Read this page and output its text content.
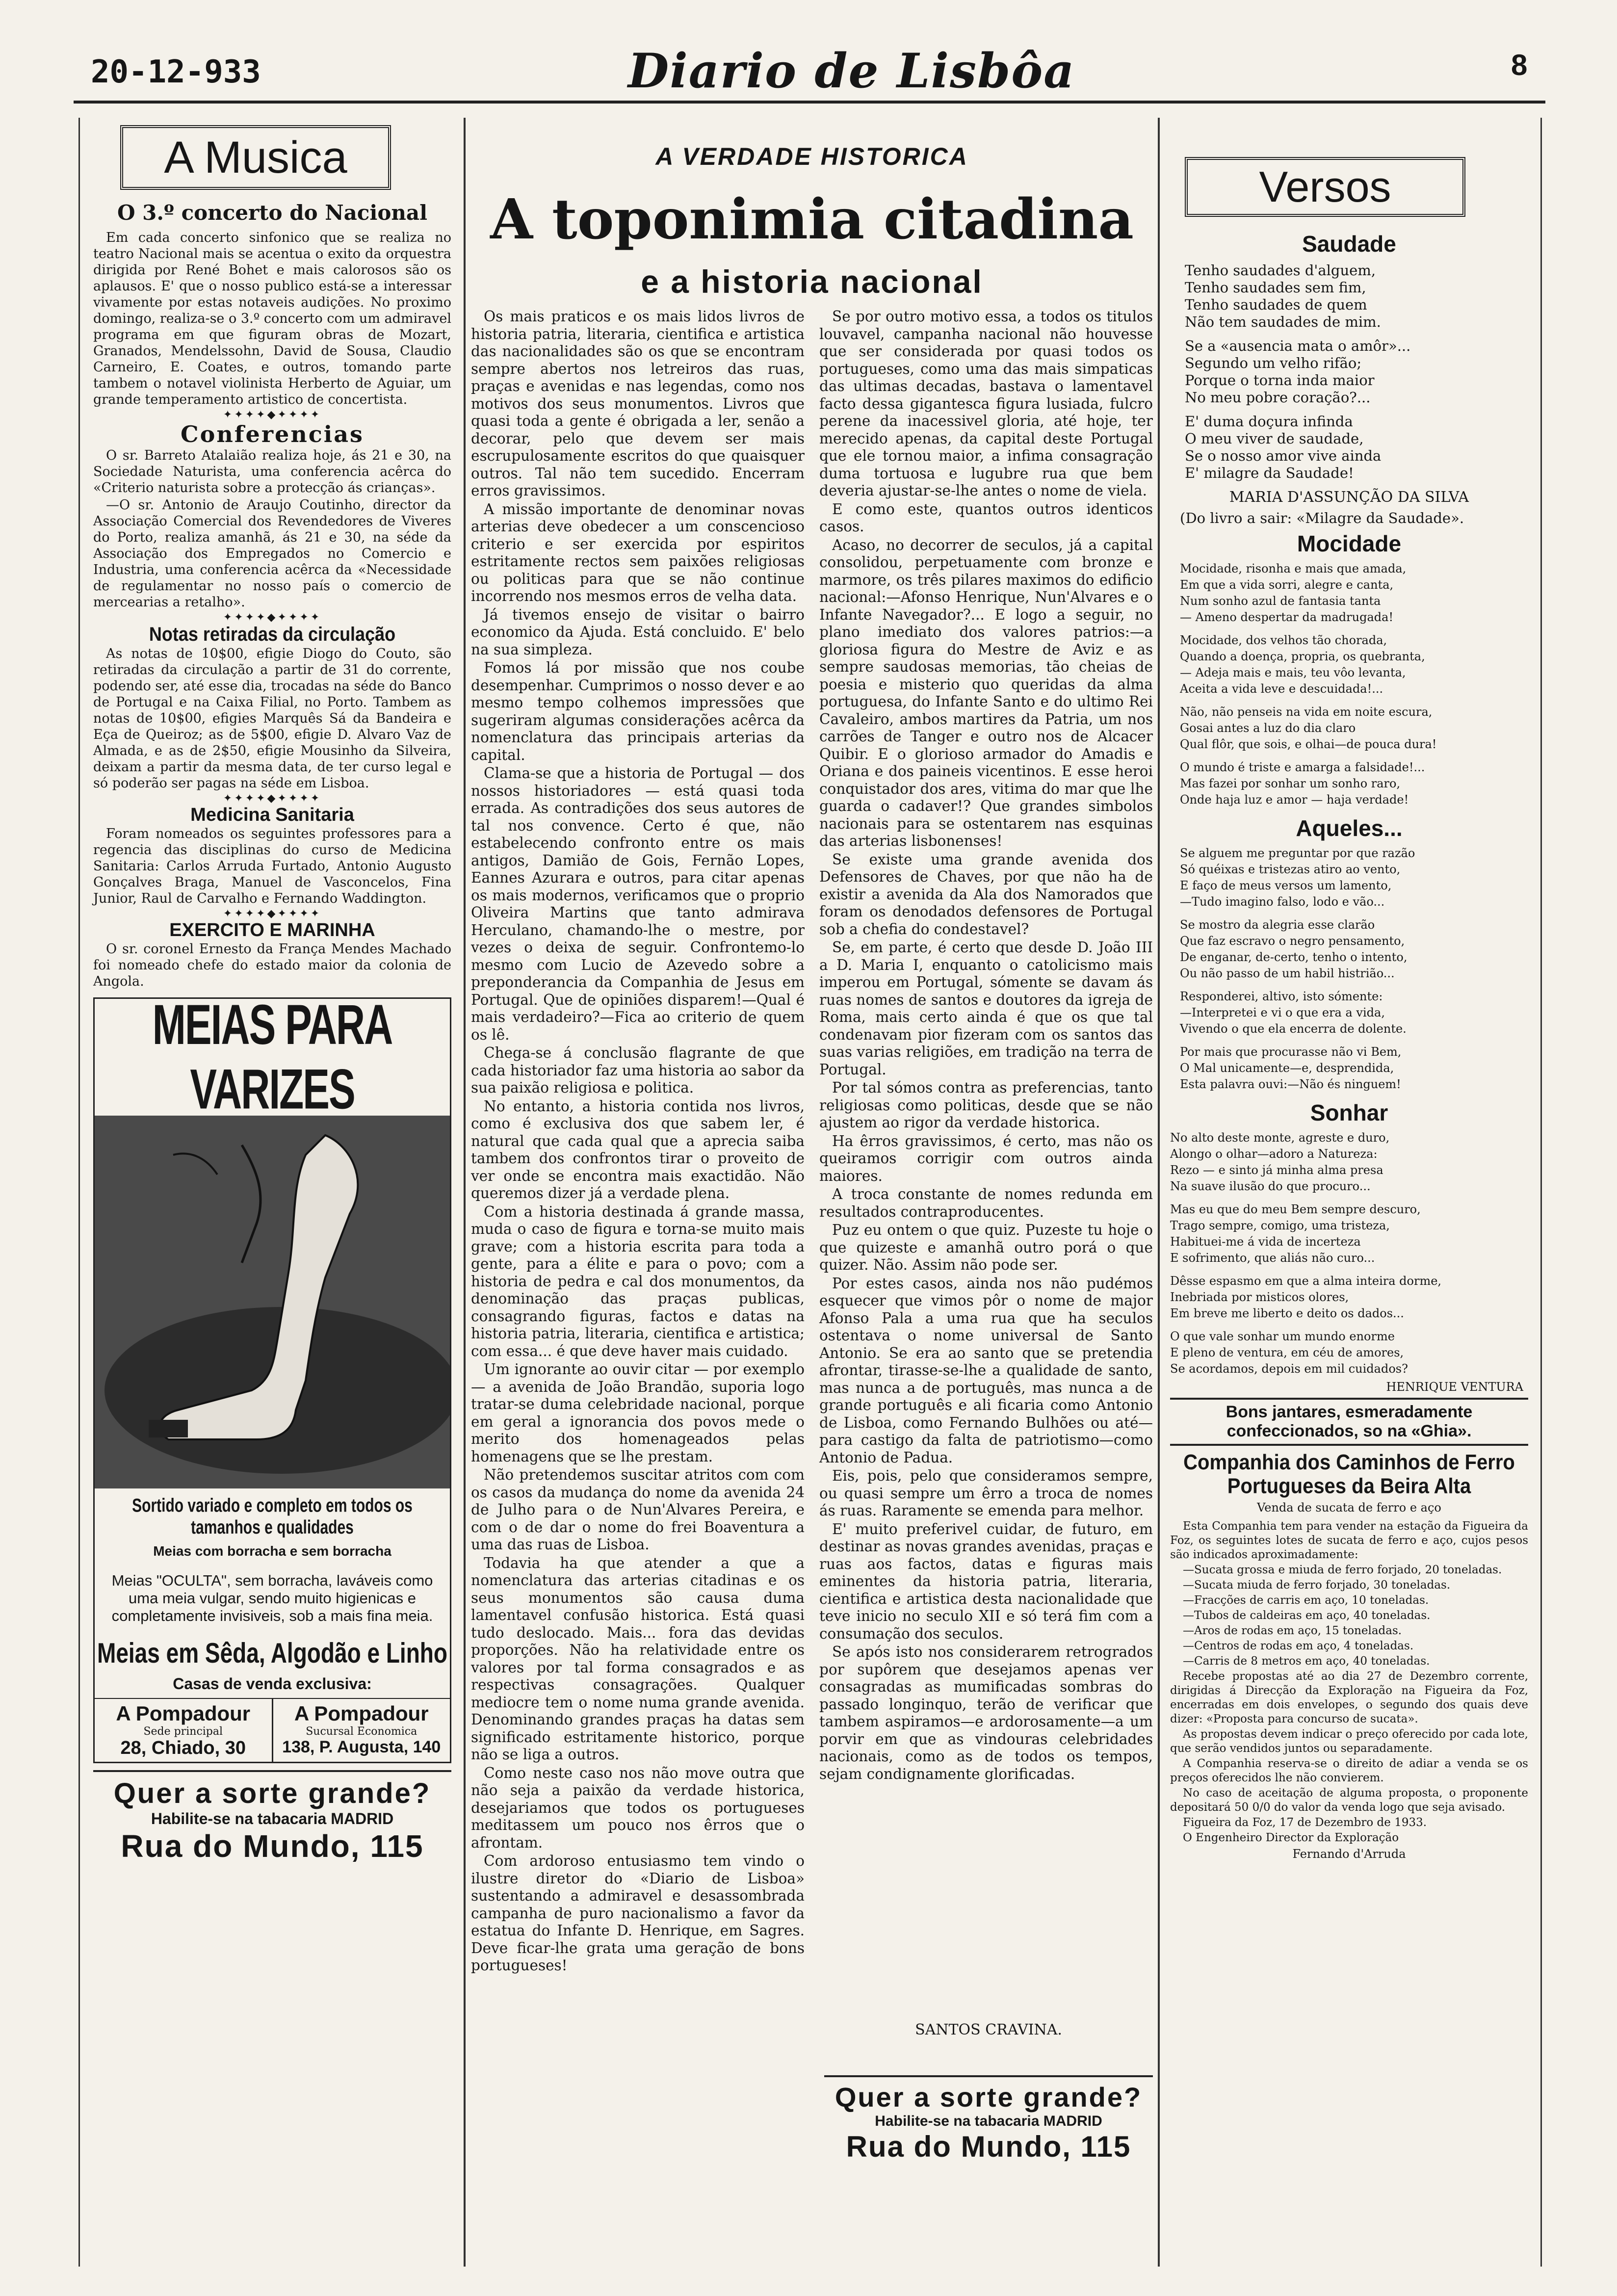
20-12-933	Diario de Lisbôa	8
A Musica
O 3.º concerto do Nacional

Em cada concerto sinfonico que se realiza no teatro Nacional mais se acentua o exito da orquestra dirigida por René Bohet e mais calorosos são os aplausos. E' que o nosso publico está-se a interessar vivamente por estas notaveis audições. No proximo domingo, realiza-se o 3.º concerto com um admiravel programa em que figuram obras de Mozart, Granados, Mendelssohn, David de Sousa, Claudio Carneiro, E. Coates, e outros, tomando parte tambem o notavel violinista Herberto de Aguiar, um grande temperamento artistico de concertista.

✦✦✦✦◆✦✦✦✦
Conferencias

O sr. Barreto Atalaião realiza hoje, ás 21 e 30, na Sociedade Naturista, uma conferencia acêrca do «Criterio naturista sobre a protecção ás crianças».

—O sr. Antonio de Araujo Coutinho, director da Associação Comercial dos Revendedores de Viveres do Porto, realiza amanhã, ás 21 e 30, na séde da Associação dos Empregados no Comercio e Industria, uma conferencia acêrca da «Necessidade de regulamentar no nosso país o comercio de mercearias a retalho».

✦✦✦✦◆✦✦✦✦
Notas retiradas da circulação

As notas de 10$00, efigie Diogo do Couto, são retiradas da circulação a partir de 31 do corrente, podendo ser, até esse dia, trocadas na séde do Banco de Portugal e na Caixa Filial, no Porto. Tambem as notas de 10$00, efigies Marquês Sá da Bandeira e Eça de Queiroz; as de 5$00, efigie D. Alvaro Vaz de Almada, e as de 2$50, efigie Mousinho da Silveira, deixam a partir da mesma data, de ter curso legal e só poderão ser pagas na séde em Lisboa.

✦✦✦✦◆✦✦✦✦
Medicina Sanitaria

Foram nomeados os seguintes professores para a regencia das disciplinas do curso de Medicina Sanitaria: Carlos Arruda Furtado, Antonio Augusto Gonçalves Braga, Manuel de Vasconcelos, Fina Junior, Raul de Carvalho e Fernando Waddington.

✦✦✦✦◆✦✦✦✦
EXERCITO E MARINHA

O sr. coronel Ernesto da França Mendes Machado foi nomeado chefe do estado maior da colonia de Angola.

MEIAS PARA VARIZES
Sortido variado e completo em todos os tamanhos e qualidades
Meias com borracha e sem borracha
Meias "OCULTA", sem borracha, laváveis como uma meia vulgar, sendo muito higienicas e completamente invisiveis, sob a mais fina meia.
Meias em Sêda, Algodão e Linho
Casas de venda exclusiva:
A Pompadour
Sede principal
28, Chiado, 30
A Pompadour
Sucursal Economica
138, P. Augusta, 140
Quer a sorte grande?
Habilite-se na tabacaria MADRID
Rua do Mundo, 115
A VERDADE HISTORICA
A toponimia citadina
e a historia nacional

Os mais praticos e os mais lidos livros de historia patria, literaria, cientifica e artistica das nacionalidades são os que se encontram sempre abertos nos letreiros das ruas, praças e avenidas e nas legendas, como nos motivos dos seus monumentos. Livros que quasi toda a gente é obrigada a ler, senão a decorar, pelo que devem ser mais escrupulosamente escritos do que quaisquer outros. Tal não tem sucedido. Encerram erros gravissimos.

A missão importante de denominar novas arterias deve obedecer a um conscencioso criterio e ser exercida por espiritos estritamente rectos sem paixões religiosas ou politicas para que se não continue incorrendo nos mesmos erros de velha data.

Já tivemos ensejo de visitar o bairro economico da Ajuda. Está concluido. E' belo na sua simpleza.

Fomos lá por missão que nos coube desempenhar. Cumprimos o nosso dever e ao mesmo tempo colhemos impressões que sugeriram algumas considerações acêrca da nomenclatura das principais arterias da capital.

Clama-se que a historia de Portugal — dos nossos historiadores — está quasi toda errada. As contradições dos seus autores de tal nos convence. Certo é que, não estabelecendo confronto entre os mais antigos, Damião de Gois, Fernão Lopes, Eannes Azurara e outros, para citar apenas os mais modernos, verificamos que o proprio Oliveira Martins que tanto admirava Herculano, chamando-lhe o mestre, por vezes o deixa de seguir. Confrontemo-lo mesmo com Lucio de Azevedo sobre a preponderancia da Companhia de Jesus em Portugal. Que de opiniões disparem!—Qual é mais verdadeiro?—Fica ao criterio de quem os lê.

Chega-se á conclusão flagrante de que cada historiador faz uma historia ao sabor da sua paixão religiosa e politica.

No entanto, a historia contida nos livros, como é exclusiva dos que sabem ler, é natural que cada qual que a aprecia saiba tambem dos confrontos tirar o proveito de ver onde se encontra mais exactidão. Não queremos dizer já a verdade plena.

Com a historia destinada á grande massa, muda o caso de figura e torna-se muito mais grave; com a historia escrita para toda a gente, para a élite e para o povo; com a historia de pedra e cal dos monumentos, da denominação das praças publicas, consagrando figuras, factos e datas na historia patria, literaria, cientifica e artistica; com essa... é que deve haver mais cuidado.

Um ignorante ao ouvir citar — por exemplo — a avenida de João Brandão, suporia logo tratar-se duma celebridade nacional, porque em geral a ignorancia dos povos mede o merito dos homenageados pelas homenagens que se lhe prestam.

Não pretendemos suscitar atritos com com os casos da mudança do nome da avenida 24 de Julho para o de Nun'Alvares Pereira, e com o de dar o nome do frei Boaventura a uma das ruas de Lisboa.

Todavia ha que atender a que a nomenclatura das arterias citadinas e os seus monumentos são causa duma lamentavel confusão historica. Está quasi tudo deslocado. Mais... fora das devidas proporções. Não ha relatividade entre os valores por tal forma consagrados e as respectivas consagrações. Qualquer mediocre tem o nome numa grande avenida. Denominando grandes praças ha datas sem significado estritamente historico, porque não se liga a outros.

Como neste caso nos não move outra que não seja a paixão da verdade historica, desejariamos que todos os portugueses meditassem um pouco nos êrros que o afrontam.

Com ardoroso entusiasmo tem vindo o ilustre diretor do «Diario de Lisboa» sustentando a admiravel e desassombrada campanha de puro nacionalismo a favor da estatua do Infante D. Henrique, em Sagres. Deve ficar-lhe grata uma geração de bons portugueses!

Se por outro motivo essa, a todos os titulos louvavel, campanha nacional não houvesse que ser considerada por quasi todos os portugueses, como uma das mais simpaticas das ultimas decadas, bastava o lamentavel facto dessa gigantesca figura lusiada, fulcro perene da inacessivel gloria, até hoje, ter merecido apenas, da capital deste Portugal que ele tornou maior, a infima consagração duma tortuosa e lugubre rua que bem deveria ajustar-se-lhe antes o nome de viela.

E como este, quantos outros identicos casos.

Acaso, no decorrer de seculos, já a capital consolidou, perpetuamente com bronze e marmore, os três pilares maximos do edificio nacional:—Afonso Henrique, Nun'Alvares e o Infante Navegador?... E logo a seguir, no plano imediato dos valores patrios:—a gloriosa figura do Mestre de Aviz e as sempre saudosas memorias, tão cheias de poesia e misterio quo queridas da alma portuguesa, do Infante Santo e do ultimo Rei Cavaleiro, ambos martires da Patria, um nos carrões de Tanger e outro nos de Alcacer Quibir. E o glorioso armador do Amadis e Oriana e dos paineis vicentinos. E esse heroi conquistador dos ares, vitima do mar que lhe guarda o cadaver!? Que grandes simbolos nacionais para se ostentarem nas esquinas das arterias lisbonenses!

Se existe uma grande avenida dos Defensores de Chaves, por que não ha de existir a avenida da Ala dos Namorados que foram os denodados defensores de Portugal sob a chefia do condestavel?

Se, em parte, é certo que desde D. João III a D. Maria I, enquanto o catolicismo mais imperou em Portugal, sómente se davam ás ruas nomes de santos e doutores da igreja de Roma, mais certo ainda é que os que tal condenavam pior fizeram com os santos das suas varias religiões, em tradição na terra de Portugal.

Por tal sómos contra as preferencias, tanto religiosas como politicas, desde que se não ajustem ao rigor da verdade historica.

Ha êrros gravissimos, é certo, mas não os queiramos corrigir com outros ainda maiores.

A troca constante de nomes redunda em resultados contraproducentes.

Puz eu ontem o que quiz. Puzeste tu hoje o que quizeste e amanhã outro porá o que quizer. Não. Assim não pode ser.

Por estes casos, ainda nos não pudémos esquecer que vimos pôr o nome de major Afonso Pala a uma rua que ha seculos ostentava o nome universal de Santo Antonio. Se era ao santo que se pretendia afrontar, tirasse-se-lhe a qualidade de santo, mas nunca a de português, mas nunca a de grande português e ali ficaria como Antonio de Lisboa, como Fernando Bulhões ou até—para castigo da falta de patriotismo—como Antonio de Padua.

Eis, pois, pelo que consideramos sempre, ou quasi sempre um êrro a troca de nomes ás ruas. Raramente se emenda para melhor.

E' muito preferivel cuidar, de futuro, em destinar as novas grandes avenidas, praças e ruas aos factos, datas e figuras mais eminentes da historia patria, literaria, cientifica e artistica desta nacionalidade que teve inicio no seculo XII e só terá fim com a consumação dos seculos.

Se após isto nos considerarem retrogrados por supôrem que desejamos apenas ver consagradas as mumificadas sombras do passado longinquo, terão de verificar que tambem aspiramos—e ardorosamente—a um porvir em que as vindouras celebridades nacionais, como as de todos os tempos, sejam condignamente glorificadas.

SANTOS CRAVINA.
Quer a sorte grande?
Habilite-se na tabacaria MADRID
Rua do Mundo, 115
Versos
Saudade
Tenho saudades d'alguem,
Tenho saudades sem fim,
Tenho saudades de quem
Não tem saudades de mim.

Se a «ausencia mata o amôr»...
Segundo um velho rifão;
Porque o torna inda maior
No meu pobre coração?...

E' duma doçura infinda
O meu viver de saudade,
Se o nosso amor vive ainda
E' milagre da Saudade!
MARIA D'ASSUNÇÃO DA SILVA
(Do livro a sair: «Milagre da Saudade».
Mocidade
Mocidade, risonha e mais que amada,
Em que a vida sorri, alegre e canta,
Num sonho azul de fantasia tanta
— Ameno despertar da madrugada!

Mocidade, dos velhos tão chorada,
Quando a doença, propria, os quebranta,
— Adeja mais e mais, teu vôo levanta,
Aceita a vida leve e descuidada!...

Não, não penseis na vida em noite escura,
Gosai antes a luz do dia claro
Qual flôr, que sois, e olhai—de pouca dura!

O mundo é triste e amarga a falsidade!...
Mas fazei por sonhar um sonho raro,
Onde haja luz e amor — haja verdade!
Aqueles...
Se alguem me preguntar por que razão
Só quéixas e tristezas atiro ao vento,
E faço de meus versos um lamento,
—Tudo imagino falso, lodo e vão...

Se mostro da alegria esse clarão
Que faz escravo o negro pensamento,
De enganar, de-certo, tenho o intento,
Ou não passo de um habil histrião...

Responderei, altivo, isto sómente:
—Interpretei e vi o que era a vida,
Vivendo o que ela encerra de dolente.

Por mais que procurasse não vi Bem,
O Mal unicamente—e, desprendida,
Esta palavra ouvi:—Não és ninguem!
Sonhar
No alto deste monte, agreste e duro,
Alongo o olhar—adoro a Natureza:
Rezo — e sinto já minha alma presa
Na suave ilusão do que procuro...

Mas eu que do meu Bem sempre descuro,
Trago sempre, comigo, uma tristeza,
Habituei-me á vida de incerteza
E sofrimento, que aliás não curo...

Dêsse espasmo em que a alma inteira dorme,
Inebriada por misticos olores,
Em breve me liberto e deito os dados...

O que vale sonhar um mundo enorme
E pleno de ventura, em céu de amores,
Se acordamos, depois em mil cuidados?
HENRIQUE VENTURA
Bons jantares, esmeradamente confeccionados, so na «Ghia».
Companhia dos Caminhos de Ferro Portugueses da Beira Alta
Venda de sucata de ferro e aço

Esta Companhia tem para vender na estação da Figueira da Foz, os seguintes lotes de sucata de ferro e aço, cujos pesos são indicados aproximadamente:

—Sucata grossa e miuda de ferro forjado, 20 toneladas.

—Sucata miuda de ferro forjado, 30 toneladas.

—Fracções de carris em aço, 10 toneladas.

—Tubos de caldeiras em aço, 40 toneladas.

—Aros de rodas em aço, 15 toneladas.

—Centros de rodas em aço, 4 toneladas.

—Carris de 8 metros em aço, 40 toneladas.

Recebe propostas até ao dia 27 de Dezembro corrente, dirigidas á Direcção da Exploração na Figueira da Foz, encerradas em dois envelopes, o segundo dos quais deve dizer: «Proposta para concurso de sucata».

As propostas devem indicar o preço oferecido por cada lote, que serão vendidos juntos ou separadamente.

A Companhia reserva-se o direito de adiar a venda se os preços oferecidos lhe não convierem.

No caso de aceitação de alguma proposta, o proponente depositará 50 0/0 do valor da venda logo que seja avisado.

Figueira da Foz, 17 de Dezembro de 1933.

O Engenheiro Director da Exploração

Fernando d'Arruda
